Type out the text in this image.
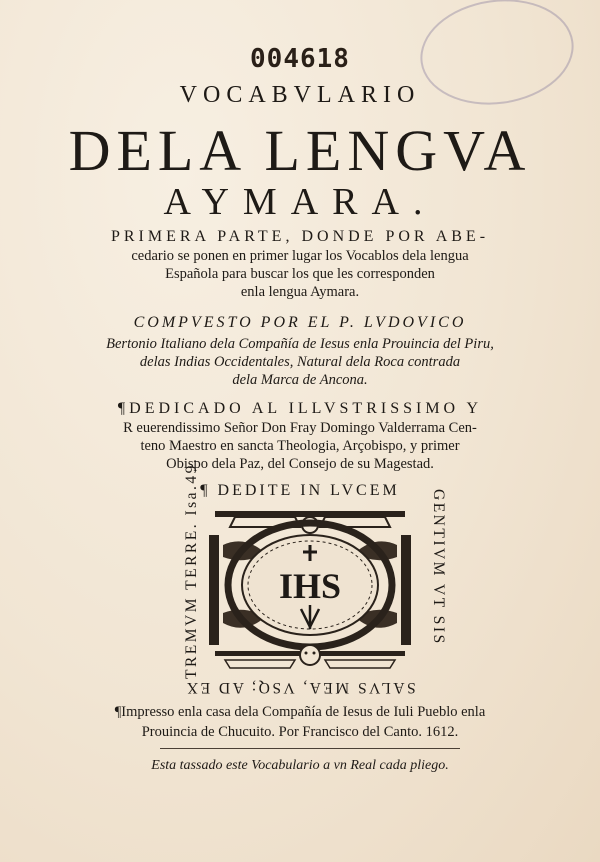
004618
VOCABVLARIO
DELA LENGVA
AYMARA.
PRIMERA PARTE, DONDE POR ABE-
cedario se ponen en primer lugar los Vocablos dela lengua
Española para buscar los que les corresponden
enla lengua Aymara.
COMPVESTO POR EL P. LVDOVICO
Bertonio Italiano dela Compañía de Iesus enla Prouincia del Piru,
delas Indias Occidentales, Natural dela Roca contrada
dela Marca de Ancona.
¶DEDICADO AL ILLVSTRISSIMO Y
R euerendissimo Señor Don Fray Domingo Valderrama Cen-
teno Maestro en sancta Theologia, Arçobispo, y primer
Obispo dela Paz, del Consejo de su Magestad.
¶ DEDITE IN LVCEM
TREMVM TERRE. Isa.49.	GENTIVM VT SIS
IHS
SALVS MEA, VSQ; AD EX
¶Impresso enla casa dela Compañía de Iesus de Iuli Pueblo enla
Prouincia de Chucuito. Por Francisco del Canto. 1612.
Esta tassado este Vocabulario a vn Real cada pliego.
